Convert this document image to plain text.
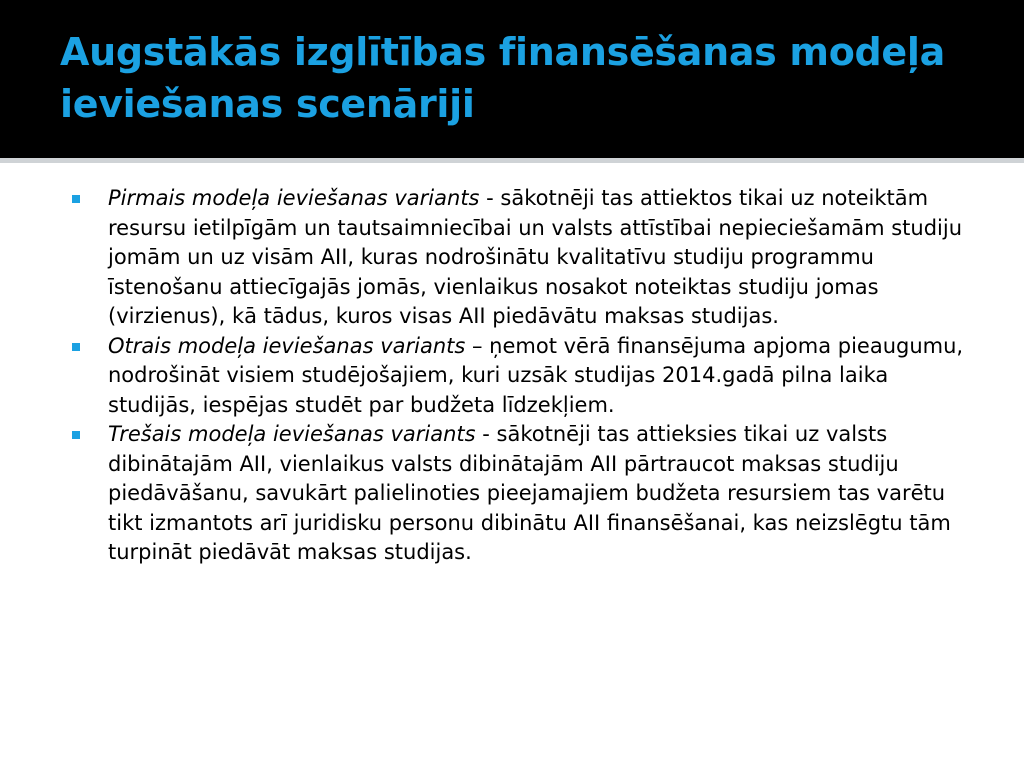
Augstākās izglītības finansēšanas modeļa ieviešanas scenāriji

Pirmais modeļa ieviešanas variants - sākotnēji tas attiektos tikai uz noteiktām resursu ietilpīgām un tautsaimniecībai un valsts attīstībai nepieciešamām studiju jomām un uz visām AII, kuras nodrošinātu kvalitatīvu studiju programmu īstenošanu attiecīgajās jomās, vienlaikus nosakot noteiktas studiju jomas (virzienus), kā tādus, kuros visas AII piedāvātu maksas studijas.

Otrais modeļa ieviešanas variants – ņemot vērā finansējuma apjoma pieaugumu, nodrošināt visiem studējošajiem, kuri uzsāk studijas 2014.gadā pilna laika studijās, iespējas studēt par budžeta līdzekļiem.

Trešais modeļa ieviešanas variants - sākotnēji tas attieksies tikai uz valsts dibinātajām AII, vienlaikus valsts dibinātajām AII pārtraucot maksas studiju piedāvāšanu, savukārt palielinoties pieejamajiem budžeta resursiem tas varētu tikt izmantots arī juridisku personu dibinātu AII finansēšanai, kas neizslēgtu tām turpināt piedāvāt maksas studijas.
